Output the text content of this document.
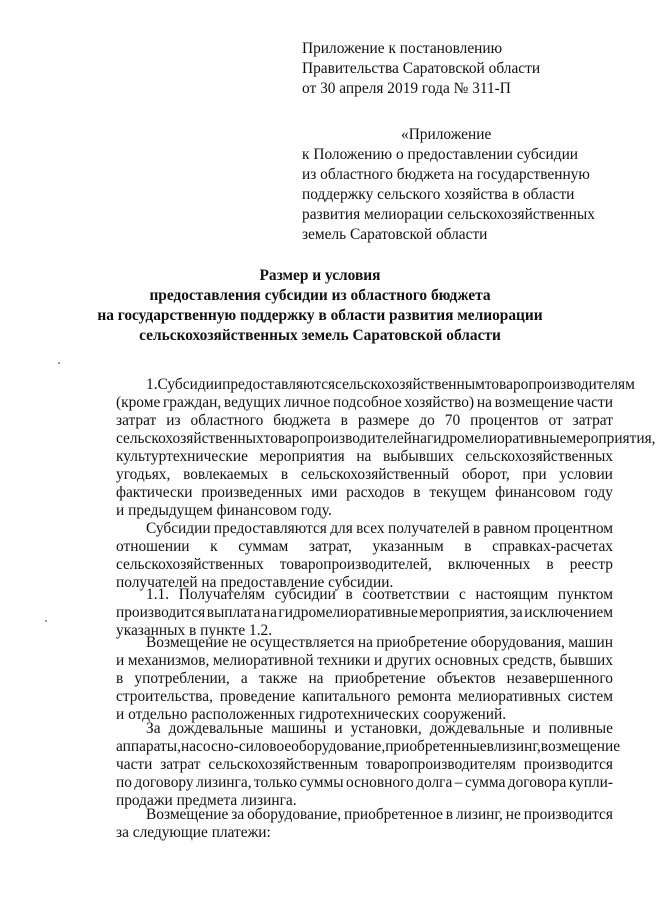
Приложение к постановлению
Правительства Саратовской области
от 30 апреля 2019 года № 311-П
«Приложение
к Положению о предоставлении субсидии
из областного бюджета на государственную
поддержку сельского хозяйства в области
развития мелиорации сельскохозяйственных
земель Саратовской области
Размер и условия
предоставления субсидии из областного бюджета
на государственную поддержку в области развития мелиорации
сельскохозяйственных земель Саратовской области
1. Субсидии предоставляются сельскохозяйственным товаропроизводителям
(кроме граждан, ведущих личное подсобное хозяйство) на возмещение части
затрат из областного бюджета в размере до 70 процентов от затрат
сельскохозяйственных товаропроизводителей на гидромелиоративные мероприятия,
культуртехнические мероприятия на выбывших сельскохозяйственных
угодьях, вовлекаемых в сельскохозяйственный оборот, при условии
фактически произведенных ими расходов в текущем финансовом году
и предыдущем финансовом году.
Субсидии предоставляются для всех получателей в равном процентном
отношении к суммам затрат, указанным в справках-расчетах
сельскохозяйственных товаропроизводителей, включенных в реестр
получателей на предоставление субсидии.
1.1. Получателям субсидии в соответствии с настоящим пунктом
производится выплата на гидромелиоративные мероприятия, за исключением
указанных в пункте 1.2.
Возмещение не осуществляется на приобретение оборудования, машин
и механизмов, мелиоративной техники и других основных средств, бывших
в употреблении, а также на приобретение объектов незавершенного
строительства, проведение капитального ремонта мелиоративных систем
и отдельно расположенных гидротехнических сооружений.
За дождевальные машины и установки, дождевальные и поливные
аппараты, насосно-силовое оборудование, приобретенные в лизинг, возмещение
части затрат сельскохозяйственным товаропроизводителям производится
по договору лизинга, только суммы основного долга – сумма договора купли-
продажи предмета лизинга.
Возмещение за оборудование, приобретенное в лизинг, не производится
за следующие платежи:
